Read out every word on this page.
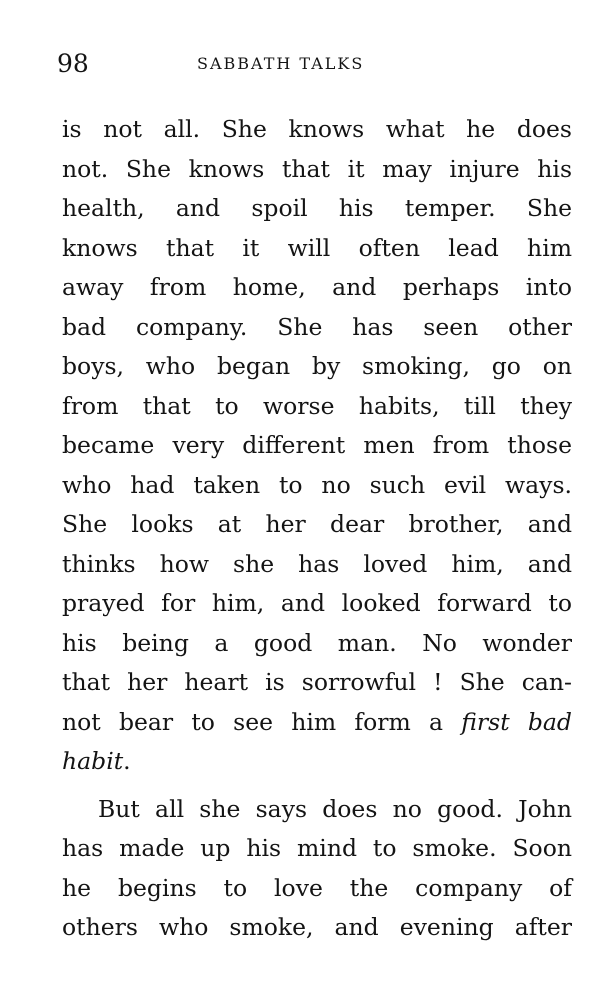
98	SABBATH TALKS
is not all. She knows what he does
not. She knows that it may injure his
health, and spoil his temper. She
knows that it will often lead him
away from home, and perhaps into
bad company. She has seen other
boys, who began by smoking, go on
from that to worse habits, till they
became very different men from those
who had taken to no such evil ways.
She looks at her dear brother, and
thinks how she has loved him, and
prayed for him, and looked forward to
his being a good man. No wonder
that her heart is sorrowful ! She can-
not bear to see him form a first bad
habit.
But all she says does no good. John
has made up his mind to smoke. Soon
he begins to love the company of
others who smoke, and evening after
